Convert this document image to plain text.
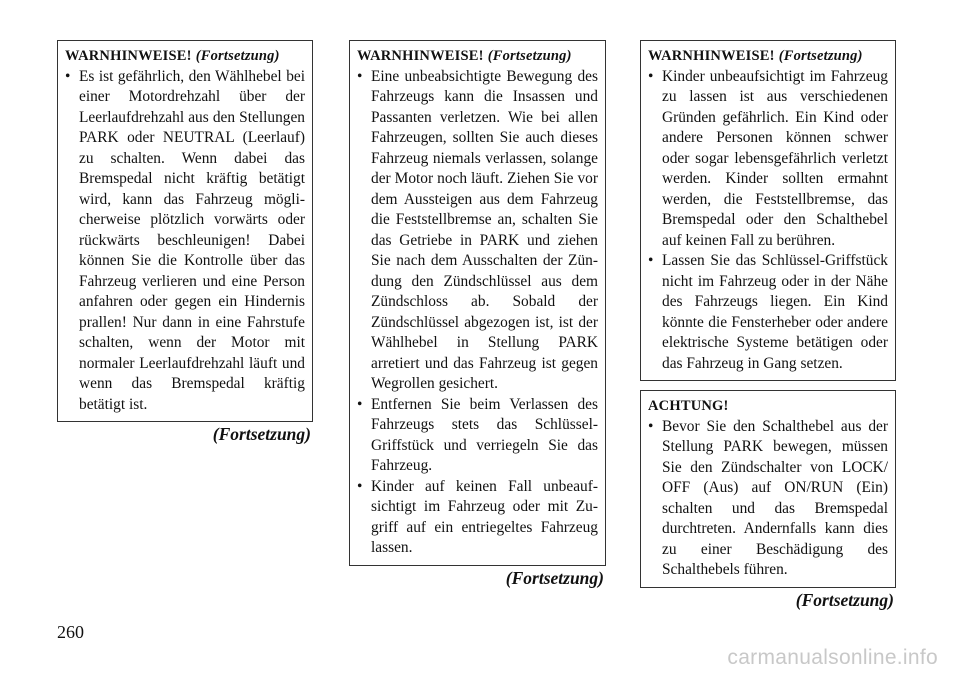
WARNHINWEISE! (Fortsetzung)
• Es ist gefährlich, den Wählhebel bei einer Motordrehzahl über der Leerlaufdrehzahl aus den Stellungen PARK oder NEUTRAL (Leerlauf) zu schalten. Wenn dabei das Bremspedal nicht kräftig betätigt wird, kann das Fahrzeug möglicherweise plötzlich vorwärts oder rückwärts beschleunigen! Dabei können Sie die Kontrolle über das Fahrzeug verlieren und eine Person anfahren oder gegen ein Hindernis prallen! Nur dann in eine Fahrstufe schalten, wenn der Motor mit normaler Leerlaufdrehzahl läuft und wenn das Bremspedal kräftig betätigt ist.
(Fortsetzung)
WARNHINWEISE! (Fortsetzung)
• Eine unbeabsichtigte Bewegung des Fahrzeugs kann die Insassen und Passanten verletzen. Wie bei allen Fahrzeugen, sollten Sie auch dieses Fahrzeug niemals verlassen, solange der Motor noch läuft. Ziehen Sie vor dem Aussteigen aus dem Fahrzeug die Feststellbremse an, schalten Sie das Getriebe in PARK und ziehen Sie nach dem Ausschalten der Zündung den Zündschlüssel aus dem Zündschloss ab. Sobald der Zündschlüssel abgezogen ist, ist der Wählhebel in Stellung PARK arretiert und das Fahrzeug ist gegen Wegrollen gesichert.
• Entfernen Sie beim Verlassen des Fahrzeugs stets das Schlüssel-Griffstück und verriegeln Sie das Fahrzeug.
• Kinder auf keinen Fall unbeaufsichtigt im Fahrzeug oder mit Zugriff auf ein entriegeltes Fahrzeug lassen.
(Fortsetzung)
WARNHINWEISE! (Fortsetzung)
• Kinder unbeaufsichtigt im Fahrzeug zu lassen ist aus verschiedenen Gründen gefährlich. Ein Kind oder andere Personen können schwer oder sogar lebensgefährlich verletzt werden. Kinder sollten ermahnt werden, die Feststellbremse, das Bremspedal oder den Schalthebel auf keinen Fall zu berühren.
• Lassen Sie das Schlüssel-Griffstück nicht im Fahrzeug oder in der Nähe des Fahrzeugs liegen. Ein Kind könnte die Fensterheber oder andere elektrische Systeme betätigen oder das Fahrzeug in Gang setzen.
ACHTUNG!
• Bevor Sie den Schalthebel aus der Stellung PARK bewegen, müssen Sie den Zündschalter von LOCK/ OFF (Aus) auf ON/RUN (Ein) schalten und das Bremspedal durchtreten. Andernfalls kann dies zu einer Beschädigung des Schalthebels führen.
(Fortsetzung)
260
carmanualsonline.info
